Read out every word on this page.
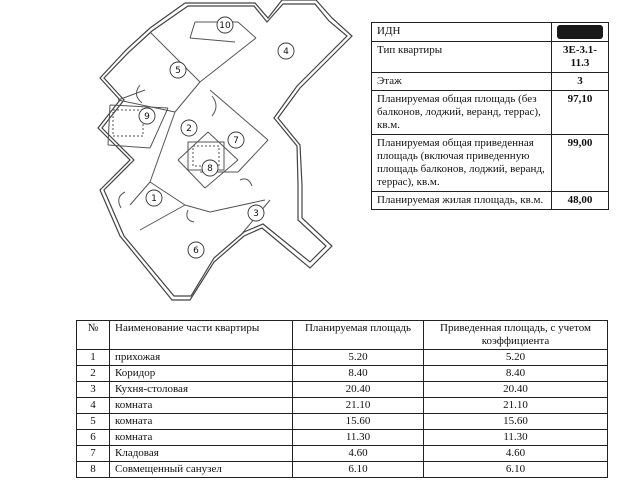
1
2
3
4
5
6
7
8
9
10	ИДН	
Тип квартиры	3Е-3.1-11.3
Этаж	3
Планируемая общая площадь (без балконов, лоджий, веранд, террас), кв.м.	97,10
Планируемая общая приведенная площадь (включая приведенную площадь балконов, лоджий, веранд, террас), кв.м.	99,00
Планируемая жилая площадь, кв.м.	48,00
№	Наименование части квартиры	Планируемая площадь	Приведенная площадь, с учетом коэффициента
1	прихожая	5.20	5.20
2	Коридор	8.40	8.40
3	Кухня-столовая	20.40	20.40
4	комната	21.10	21.10
5	комната	15.60	15.60
6	комната	11.30	11.30
7	Кладовая	4.60	4.60
8	Совмещенный санузел	6.10	6.10
